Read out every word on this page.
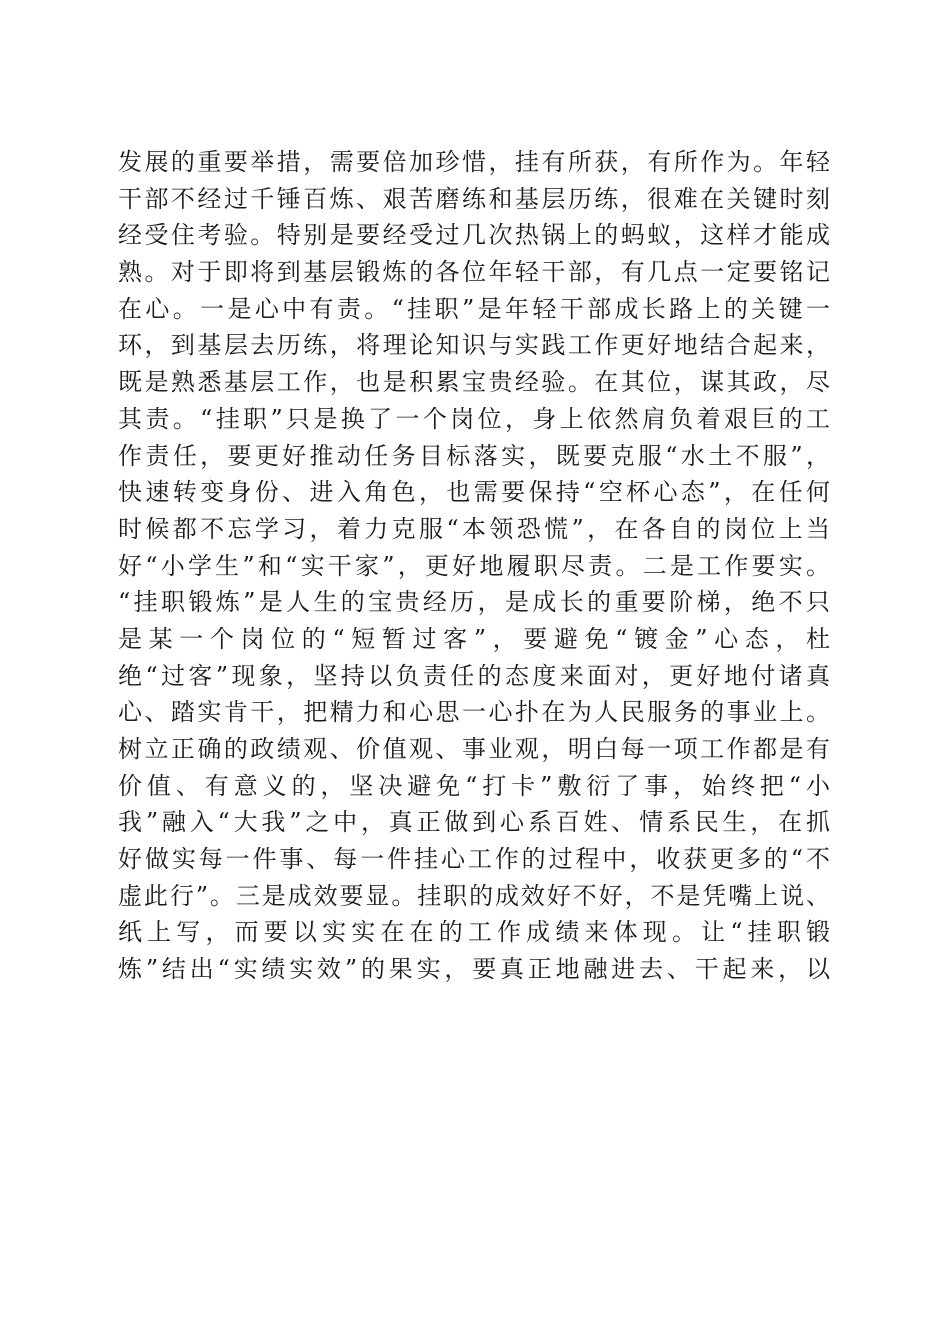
发展的重要举措，需要倍加珍惜，挂有所获，有所作为。年轻
干部不经过千锤百炼、艰苦磨练和基层历练，很难在关键时刻
经受住考验。特别是要经受过几次热锅上的蚂蚁，这样才能成
熟。对于即将到基层锻炼的各位年轻干部，有几点一定要铭记
在心。一是心中有责。“挂职”是年轻干部成长路上的关键一
环，到基层去历练，将理论知识与实践工作更好地结合起来，
既是熟悉基层工作，也是积累宝贵经验。在其位，谋其政，尽
其责。“挂职”只是换了一个岗位，身上依然肩负着艰巨的工
作责任，要更好推动任务目标落实，既要克服“水土不服”，
快速转变身份、进入角色，也需要保持“空杯心态”，在任何
时候都不忘学习，着力克服“本领恐慌”，在各自的岗位上当
好“小学生”和“实干家”，更好地履职尽责。二是工作要实。
“挂职锻炼”是人生的宝贵经历，是成长的重要阶梯，绝不只
是某一个岗位的“短暂过客”，要避免“镀金”心态，杜
绝“过客”现象，坚持以负责任的态度来面对，更好地付诸真
心、踏实肯干，把精力和心思一心扑在为人民服务的事业上。
树立正确的政绩观、价值观、事业观，明白每一项工作都是有
价值、有意义的，坚决避免“打卡”敷衍了事，始终把“小
我”融入“大我”之中，真正做到心系百姓、情系民生，在抓
好做实每一件事、每一件挂心工作的过程中，收获更多的“不
虚此行”。三是成效要显。挂职的成效好不好，不是凭嘴上说、
纸上写，而要以实实在在的工作成绩来体现。让“挂职锻
炼”结出“实绩实效”的果实，要真正地融进去、干起来，以
